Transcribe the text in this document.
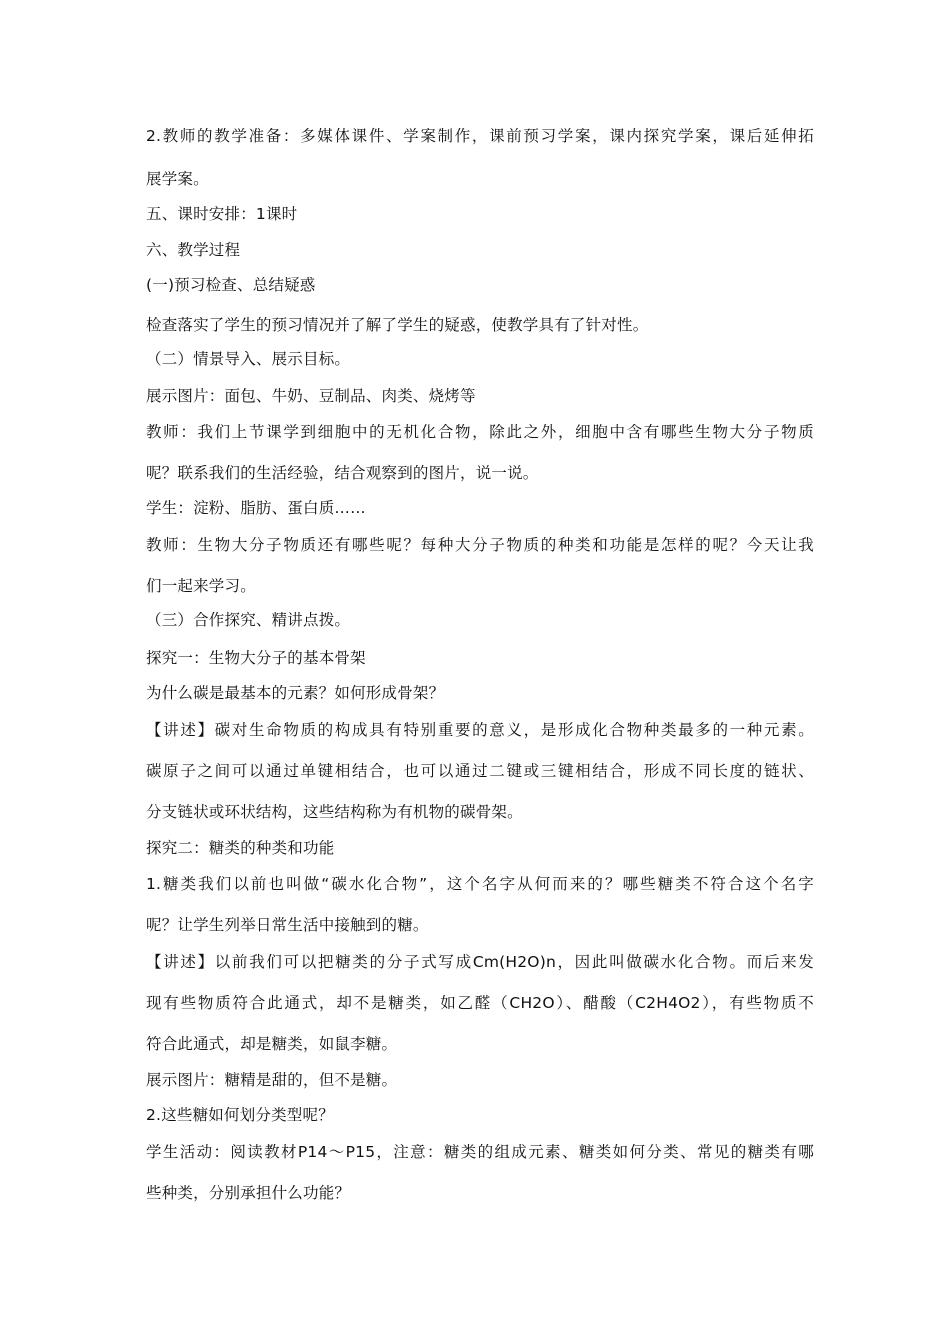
2.教师的教学准备：多媒体课件、学案制作，课前预习学案，课内探究学案，课后延伸拓
展学案。
五、课时安排：1课时
六、教学过程
(一)预习检查、总结疑惑
检查落实了学生的预习情况并了解了学生的疑惑，使教学具有了针对性。
（二）情景导入、展示目标。
展示图片：面包、牛奶、豆制品、肉类、烧烤等
教师：我们上节课学到细胞中的无机化合物，除此之外，细胞中含有哪些生物大分子物质
呢？联系我们的生活经验，结合观察到的图片，说一说。
学生：淀粉、脂肪、蛋白质……
教师：生物大分子物质还有哪些呢？每种大分子物质的种类和功能是怎样的呢？今天让我
们一起来学习。
（三）合作探究、精讲点拨。
探究一：生物大分子的基本骨架
为什么碳是最基本的元素？如何形成骨架？
【讲述】碳对生命物质的构成具有特别重要的意义，是形成化合物种类最多的一种元素。
碳原子之间可以通过单键相结合，也可以通过二键或三键相结合，形成不同长度的链状、
分支链状或环状结构，这些结构称为有机物的碳骨架。
探究二：糖类的种类和功能
1.糖类我们以前也叫做“碳水化合物”，这个名字从何而来的？哪些糖类不符合这个名字
呢？让学生列举日常生活中接触到的糖。
【讲述】以前我们可以把糖类的分子式写成Cm(H2O)n，因此叫做碳水化合物。而后来发
现有些物质符合此通式，却不是糖类，如乙醛（CH2O）、醋酸（C2H4O2），有些物质不
符合此通式，却是糖类，如鼠李糖。
展示图片：糖精是甜的，但不是糖。
2.这些糖如何划分类型呢？
学生活动：阅读教材P14～P15，注意：糖类的组成元素、糖类如何分类、常见的糖类有哪
些种类，分别承担什么功能？
